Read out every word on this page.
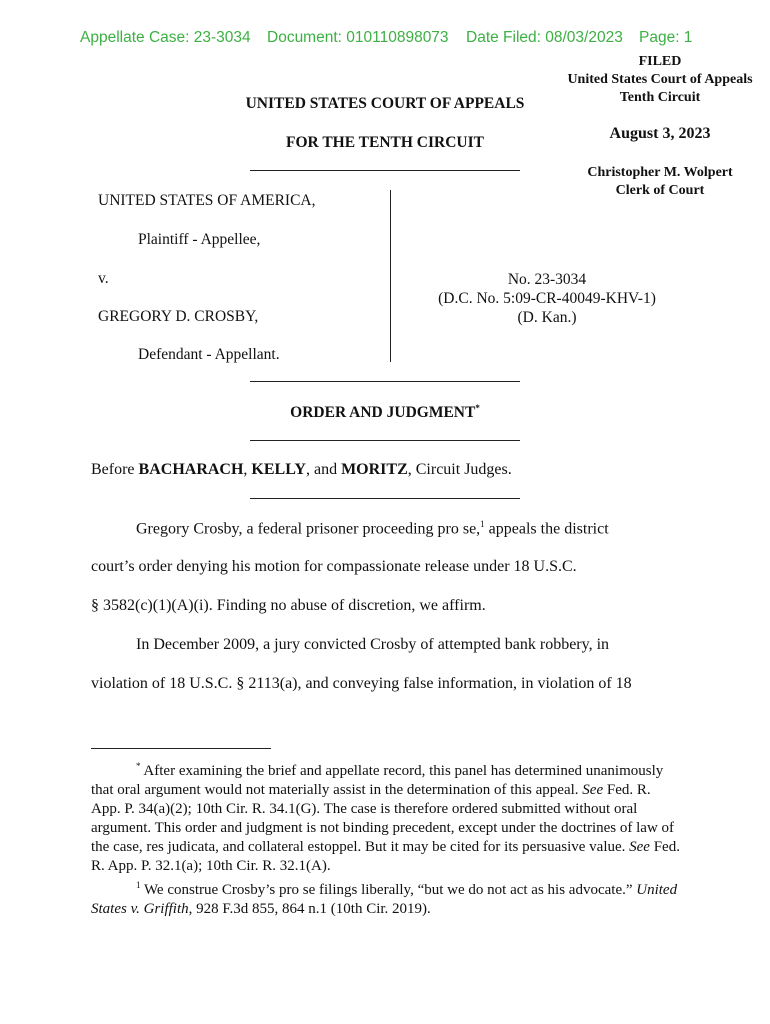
Appellate Case: 23-3034 Document: 010110898073 Date Filed: 08/03/2023 Page: 1
FILED
United States Court of Appeals
Tenth Circuit
August 3, 2023
Christopher M. Wolpert
Clerk of Court
UNITED STATES COURT OF APPEALS
FOR THE TENTH CIRCUIT
UNITED STATES OF AMERICA,
Plaintiff - Appellee,
v.
GREGORY D. CROSBY,
Defendant - Appellant.
No. 23-3034
(D.C. No. 5:09-CR-40049-KHV-1)
(D. Kan.)
ORDER AND JUDGMENT*
Before BACHARACH, KELLY, and MORITZ, Circuit Judges.
Gregory Crosby, a federal prisoner proceeding pro se,$^1$ appeals the district
court’s order denying his motion for compassionate release under 18 U.S.C.
§ 3582(c)(1)(A)(i). Finding no abuse of discretion, we affirm.
In December 2009, a jury convicted Crosby of attempted bank robbery, in
violation of 18 U.S.C. § 2113(a), and conveying false information, in violation of 18

* After examining the brief and appellate record, this panel has determined unanimously that oral argument would not materially assist in the determination of this appeal. See Fed. R. App. P. 34(a)(2); 10th Cir. R. 34.1(G). The case is therefore ordered submitted without oral argument. This order and judgment is not binding precedent, except under the doctrines of law of the case, res judicata, and collateral estoppel. But it may be cited for its persuasive value. See Fed. R. App. P. 32.1(a); 10th Cir. R. 32.1(A).

$^1$ We construe Crosby’s pro se filings liberally, “but we do not act as his advocate.” United States v. Griffith, 928 F.3d 855, 864 n.1 (10th Cir. 2019).
